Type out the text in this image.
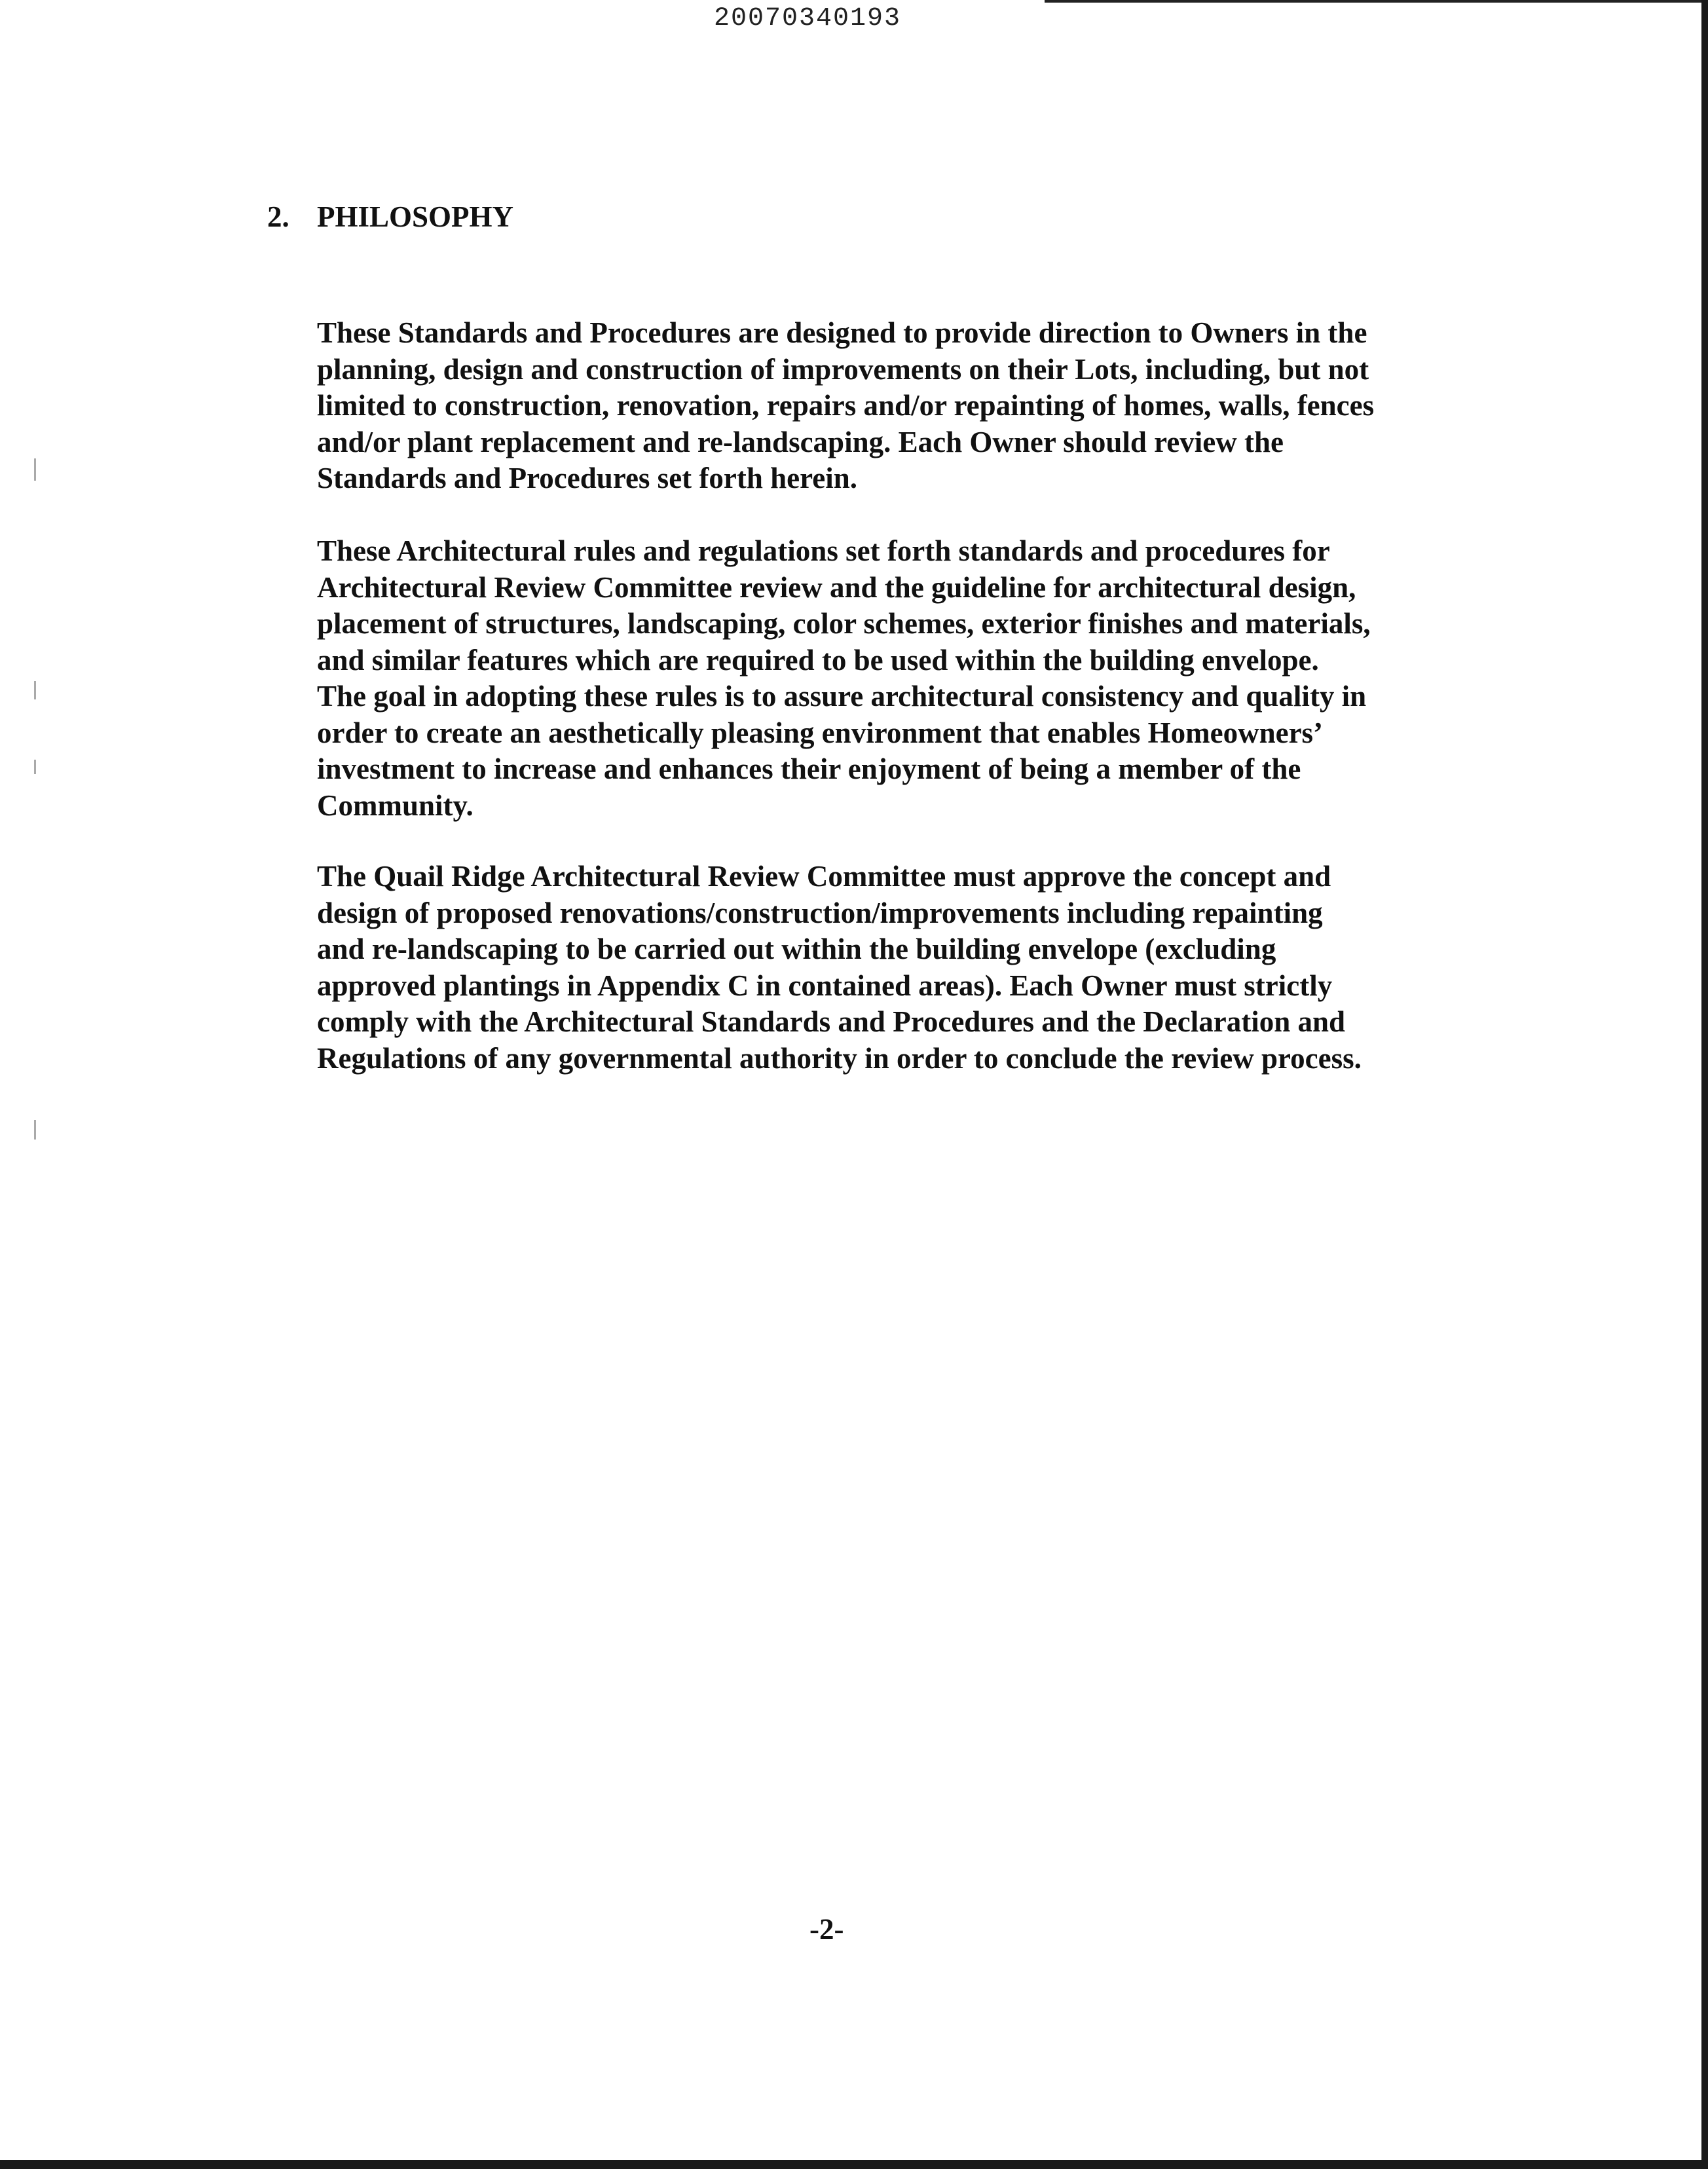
20070340193
2. PHILOSOPHY

These Standards and Procedures are designed to provide direction to Owners in the
planning, design and construction of improvements on their Lots, including, but not
limited to construction, renovation, repairs and/or repainting of homes, walls, fences
and/or plant replacement and re-landscaping. Each Owner should review the
Standards and Procedures set forth herein.

These Architectural rules and regulations set forth standards and procedures for
Architectural Review Committee review and the guideline for architectural design,
placement of structures, landscaping, color schemes, exterior finishes and materials,
and similar features which are required to be used within the building envelope.
The goal in adopting these rules is to assure architectural consistency and quality in
order to create an aesthetically pleasing environment that enables Homeowners’
investment to increase and enhances their enjoyment of being a member of the
Community.

The Quail Ridge Architectural Review Committee must approve the concept and
design of proposed renovations/construction/improvements including repainting
and re-landscaping to be carried out within the building envelope (excluding
approved plantings in Appendix C in contained areas). Each Owner must strictly
comply with the Architectural Standards and Procedures and the Declaration and
Regulations of any governmental authority in order to conclude the review process.

-2-
